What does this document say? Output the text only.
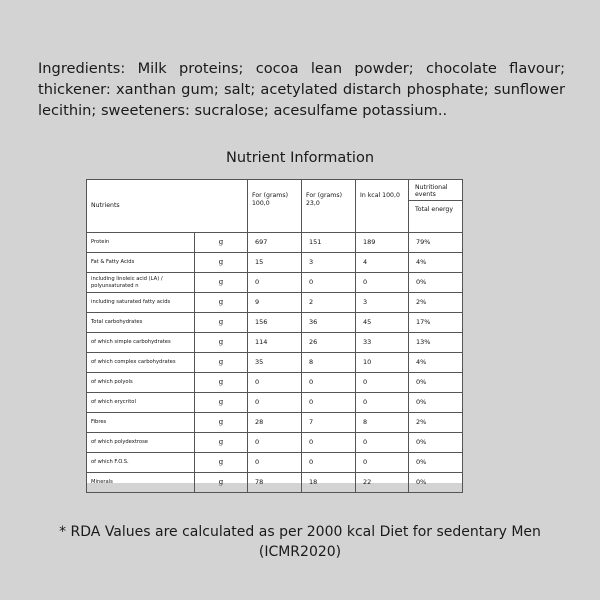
Ingredients: Milk proteins; cocoa lean powder; chocolate flavour; thickener: xanthan gum; salt; acetylated distarch phosphate; sunflower lecithin; sweeteners: sucralose; acesulfame potassium..
Nutrient Information
Nutrients		For (grams) 100,0	For (grams) 23,0	In kcal 100,0	Nutritional events
Total energy

Protein	g	697	151	189	79%
Fat & Fatty Acids	g	15	3	4	4%
including linoleic acid (LA) / polyunsaturated n	g	0	0	0	0%
including saturated fatty acids	g	9	2	3	2%
Total carbohydrates	g	156	36	45	17%
of which simple carbohydrates	g	114	26	33	13%
of which complex carbohydrates	g	35	8	10	4%
of which polyols	g	0	0	0	0%
of which erycritol	g	0	0	0	0%
Fibres	g	28	7	8	2%
of which polydextrose	g	0	0	0	0%
of which F.O.S.	g	0	0	0	0%
Minerals	g	78	18	22	0%
* RDA Values are calculated as per 2000 kcal Diet for sedentary Men
(ICMR2020)
